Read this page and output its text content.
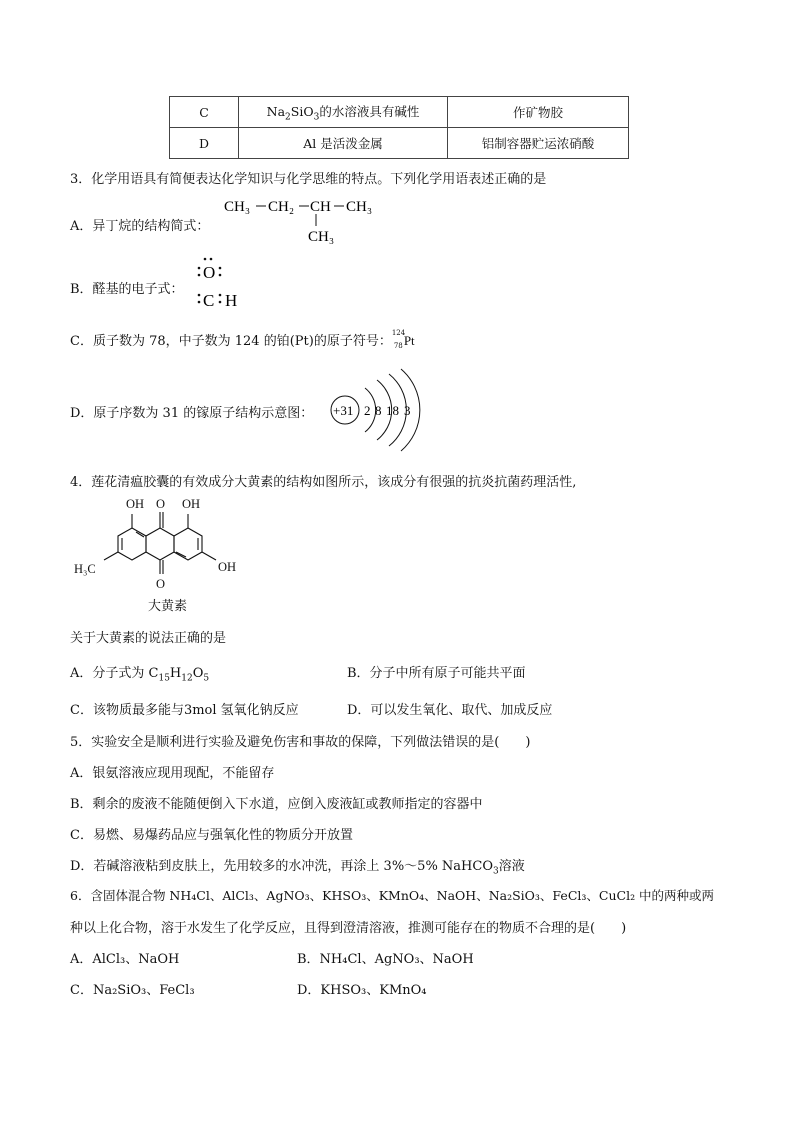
C	$Na_2SiO_3$的水溶液具有碱性	作矿物胶
D	Al 是活泼金属	铝制容器贮运浓硝酸
3．化学用语具有简便表达化学知识与化学思维的特点。下列化学用语表述正确的是
A．异丁烷的结构简式：
CH₃ CH₂ CH CH₃
CH₃
B．醛基的电子式：
O
C H
C．质子数为 78，中子数为 124 的铂(Pt)的原子符号：
124
78 Pt
D．原子序数为 31 的镓原子结构示意图： +31 2 8 18 3
4．莲花清瘟胶囊的有效成分大黄素的结构如图所示，该成分有很强的抗炎抗菌药理活性,
O
OH	OH
H₃C	OH
O
大黄素
关于大黄素的说法正确的是
A．分子式为 $C_{15}H_{12}O_5$	B．分子中所有原子可能共平面
C．该物质最多能与3mol 氢氧化钠反应	D．可以发生氧化、取代、加成反应
5．实验安全是顺利进行实验及避免伤害和事故的保障，下列做法错误的是(　　)
A．银氨溶液应现用现配，不能留存
B．剩余的废液不能随便倒入下水道，应倒入废液缸或教师指定的容器中
C．易燃、易爆药品应与强氧化性的物质分开放置
D．若碱溶液粘到皮肤上，先用较多的水冲洗，再涂上 3%～5% NaHCO$_3$溶液
6．含固体混合物 NH₄Cl、AlCl₃、AgNO₃、KHSO₃、KMnO₄、NaOH、Na₂SiO₃、FeCl₃、CuCl₂ 中的两种或两
种以上化合物，溶于水发生了化学反应，且得到澄清溶液，推测可能存在的物质不合理的是(　　)
A．AlCl₃、NaOH	B．NH₄Cl、AgNO₃、NaOH
C．Na₂SiO₃、FeCl₃	D．KHSO₃、KMnO₄
